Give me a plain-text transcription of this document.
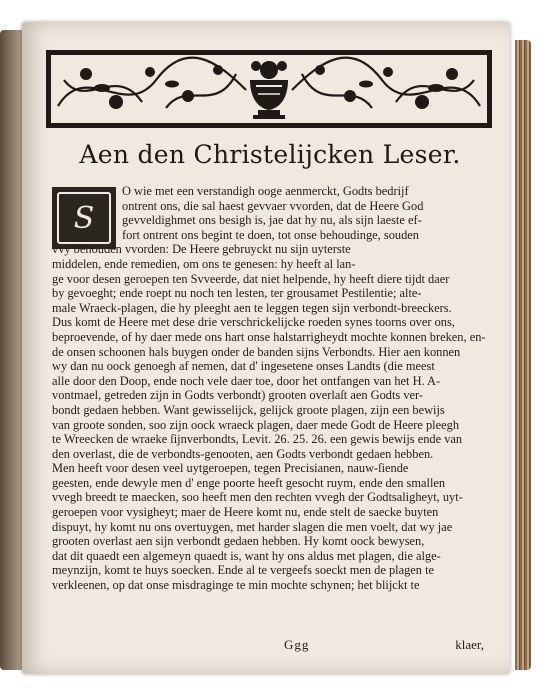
Aen den Christelijcken Leser.
S
O wie met een verstandigh ooge aenmerckt, Godts bedrijf
ontrent ons, die sal haest gevvaer vvorden, dat de Heere God
gevveldighmet ons besigh is, jae dat hy nu, als sijn laeste ef-
fort ontrent ons begint te doen, tot onse behoudinge, souden
vvy behouden vvorden: De Heere gebruyckt nu sijn uyterste
middelen, ende remedien, om ons te genesen: hy heeft al lan-
ge voor desen geroepen ten Svveerde, dat niet helpende, hy heeft diere tijdt daer
by gevoeght; ende roept nu noch ten lesten, ter grousamet Pestilentie; alte-
male Wraeck-plagen, die hy pleeght aen te leggen tegen sijn verbondt-breeckers.
Dus komt de Heere met dese drie verschrickelijcke roeden synes toorns over ons,
beproevende, of hy daer mede ons hart onse halstarrigheydt mochte konnen breken, en-
de onsen schoonen hals buygen onder de banden sijns Verbondts. Hier aen konnen
wy dan nu oock genoegh af nemen, dat d' ingesetene onses Landts (die meest
alle door den Doop, ende noch vele daer toe, door het ontfangen van het H. A-
vontmael, getreden zijn in Godts verbondt) grooten overlaſt aen Godts ver-
bondt gedaen hebben. Want gewisselijck, gelijck groote plagen, zijn een bewijs
van groote sonden, soo zijn oock wraeck plagen, daer mede Godt de Heere pleegh
te Wreecken de wraeke ſijnverbondts, Levit. 26. 25. 26. een gewis bewijs ende van
den overlast, die de verbondts-genooten, aen Godts verbondt gedaen hebben.
Men heeft voor desen veel uytgeroepen, tegen Precisianen, nauw-ſiende
geesten, ende dewyle men d' enge poorte heeft gesocht ruym, ende den smallen
vvegh breedt te maecken, soo heeft men den rechten vvegh der Godtsaligheyt, uyt-
geroepen voor vysigheyt; maer de Heere komt nu, ende stelt de saecke buyten
dispuyt, hy komt nu ons overtuygen, met harder slagen die men voelt, dat wy jae
grooten overlast aen sijn verbondt gedaen hebben. Hy komt oock bewysen,
dat dit quaedt een algemeyn quaedt is, want hy ons aldus met plagen, die alge-
meynzijn, komt te huys soecken. Ende al te vergeefs soeckt men de plagen te
verkleenen, op dat onse misdraginge te min mochte schynen; het blijckt te
Ggg	klaer,
